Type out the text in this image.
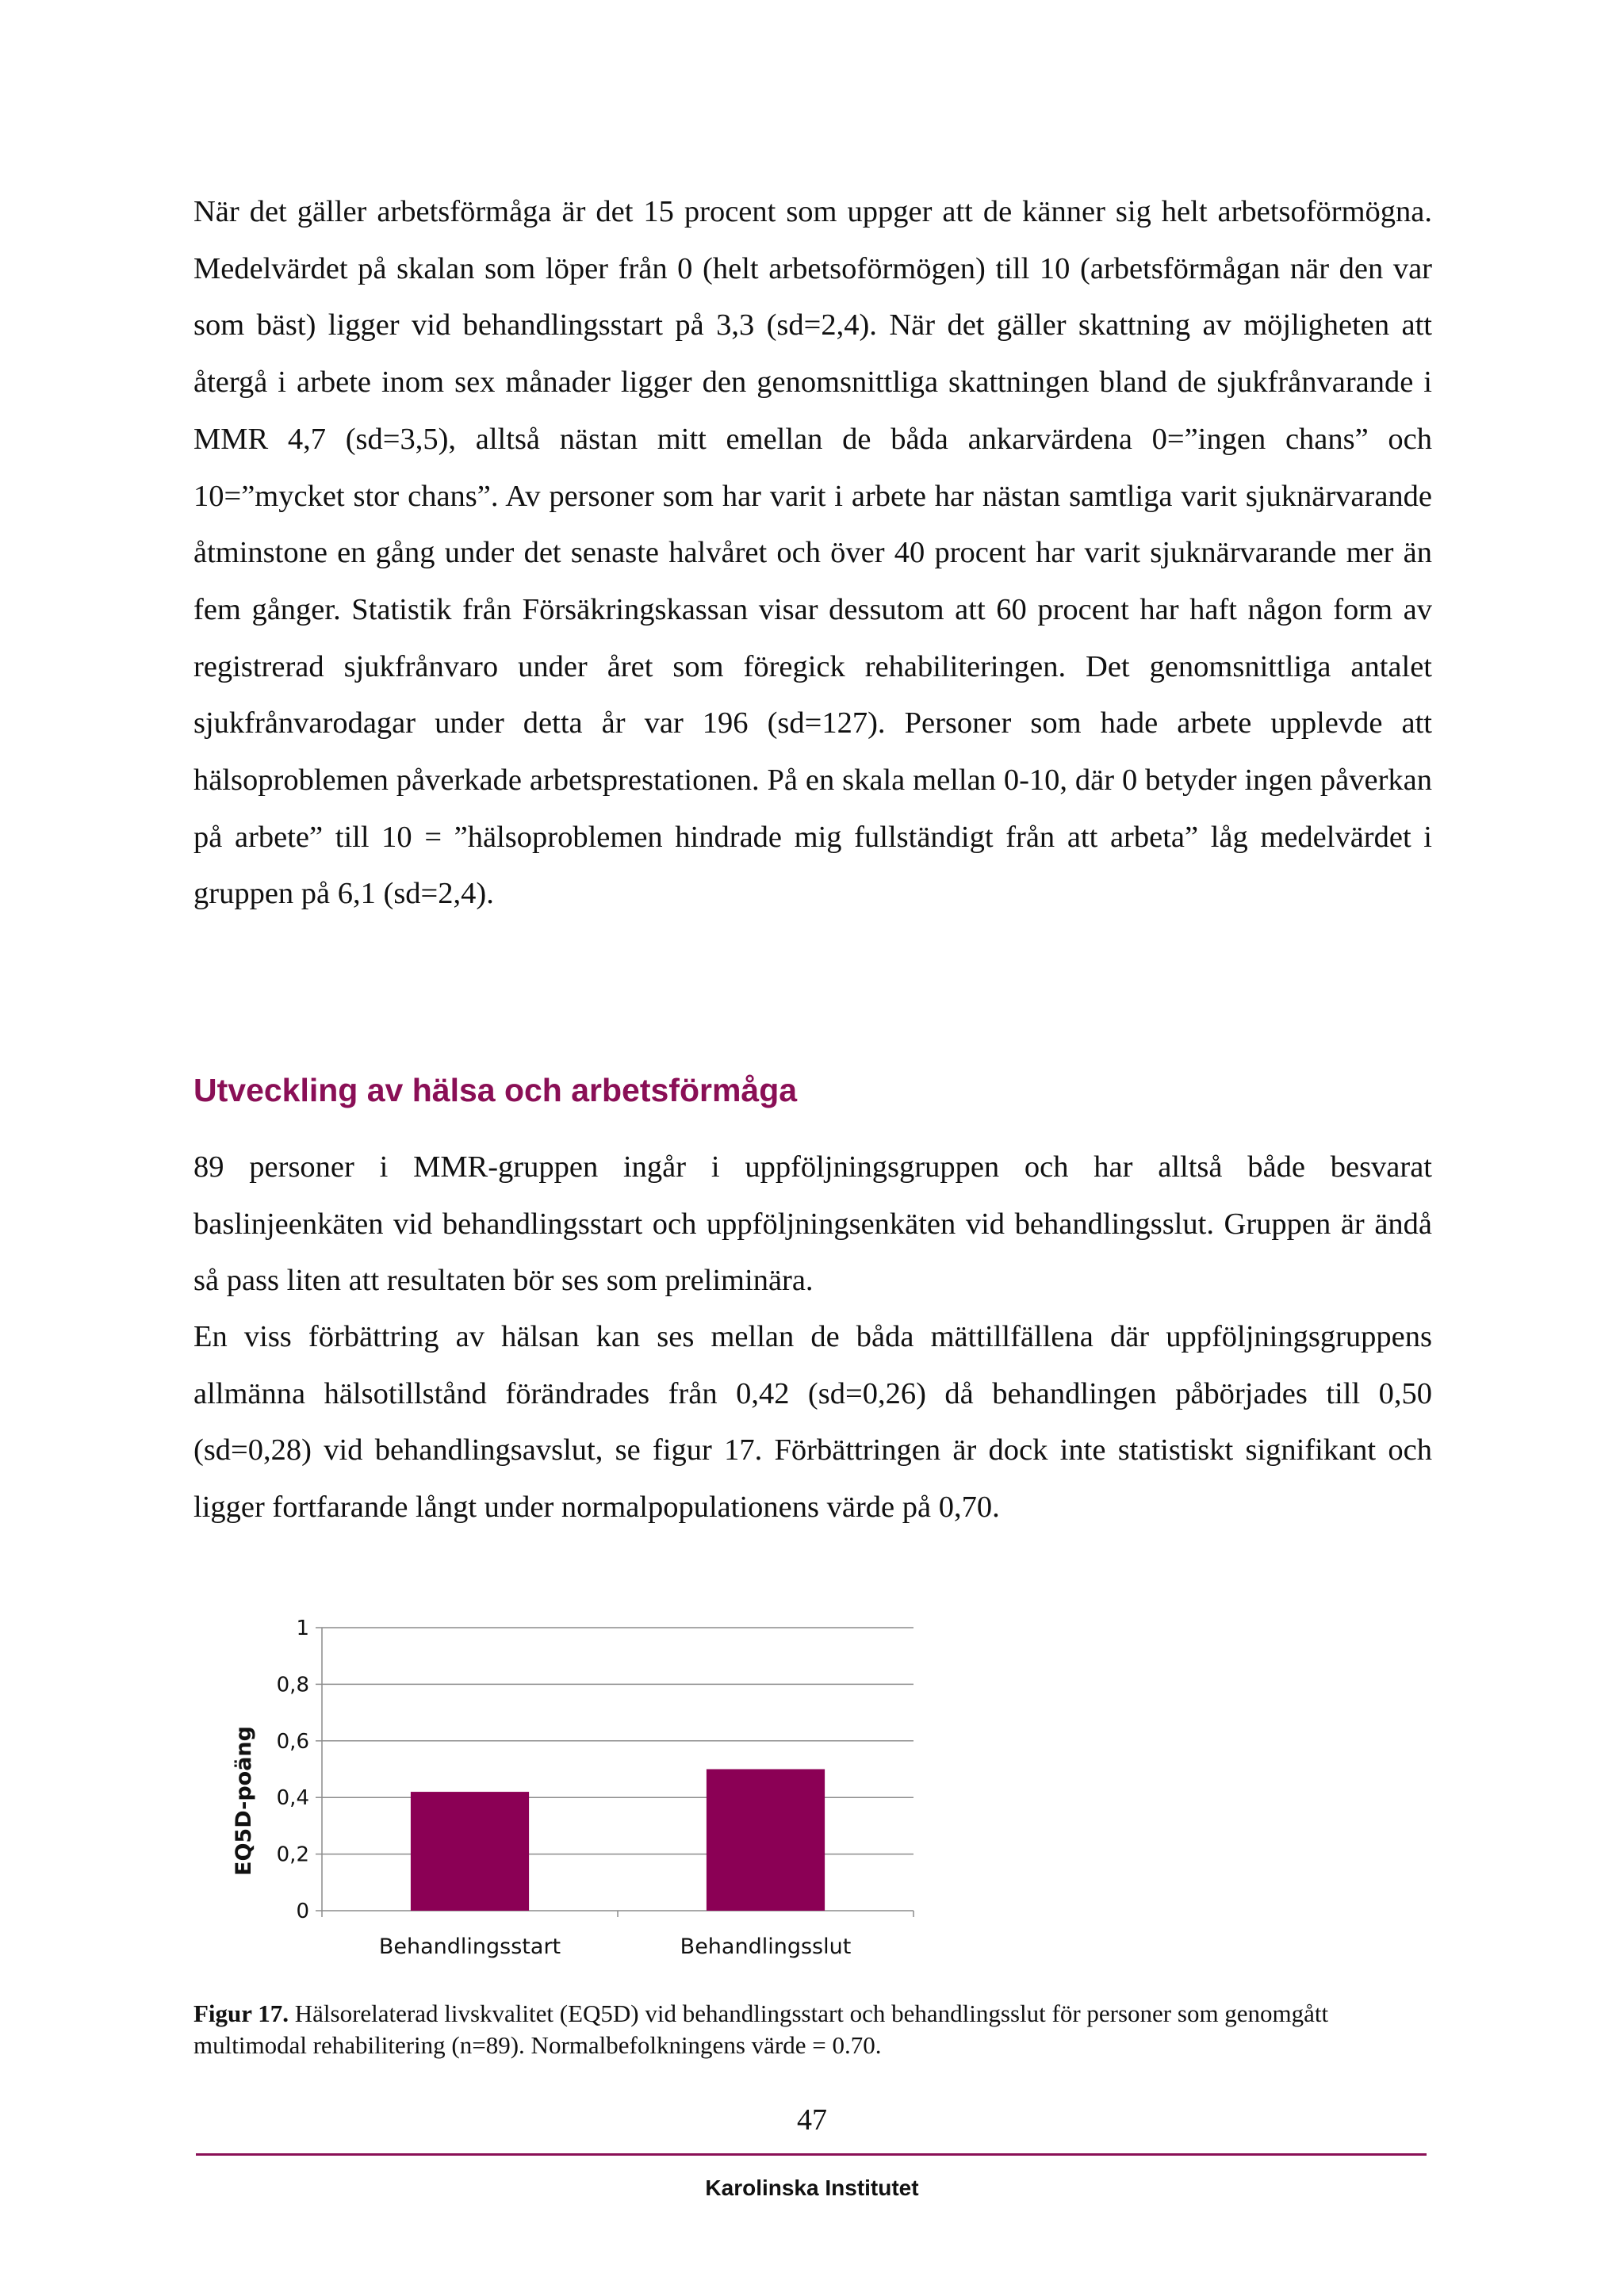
När det gäller arbetsförmåga är det 15 procent som uppger att de känner sig helt arbetsoförmögna. Medelvärdet på skalan som löper från 0 (helt arbetsoförmögen) till 10 (arbetsförmågan när den var som bäst) ligger vid behandlingsstart på 3,3 (sd=2,4). När det gäller skattning av möjligheten att återgå i arbete inom sex månader ligger den genomsnittliga skattningen bland de sjukfrånvarande i MMR 4,7 (sd=3,5), alltså nästan mitt emellan de båda ankarvärdena 0=”ingen chans” och 10=”mycket stor chans”. Av personer som har varit i arbete har nästan samtliga varit sjuknärvarande åtminstone en gång under det senaste halvåret och över 40 procent har varit sjuknärvarande mer än fem gånger. Statistik från Försäkringskassan visar dessutom att 60 procent har haft någon form av registrerad sjukfrånvaro under året som föregick rehabiliteringen. Det genomsnittliga antalet sjukfrånvarodagar under detta år var 196 (sd=127). Personer som hade arbete upplevde att hälsoproblemen påverkade arbetsprestationen. På en skala mellan 0-10, där 0 betyder ingen påverkan på arbete” till 10 = ”hälsoproblemen hindrade mig fullständigt från att arbeta” låg medelvärdet i gruppen på 6,1 (sd=2,4).

Utveckling av hälsa och arbetsförmåga

89 personer i MMR-gruppen ingår i uppföljningsgruppen och har alltså både besvarat baslinjeenkäten vid behandlingsstart och uppföljningsenkäten vid behandlingsslut. Gruppen är ändå så pass liten att resultaten bör ses som preliminära.

En viss förbättring av hälsan kan ses mellan de båda mättillfällena där uppföljningsgruppens allmänna hälsotillstånd förändrades från 0,42 (sd=0,26) då behandlingen påbörjades till 0,50 (sd=0,28) vid behandlingsavslut, se figur 17. Förbättringen är dock inte statistiskt signifikant och ligger fortfarande långt under normalpopulationens värde på 0,70.

0
0,2
0,4
0,6
0,8
1
Behandlingsstart	Behandlingsslut
EQ5D-poäng

Figur 17. Hälsorelaterad livskvalitet (EQ5D) vid behandlingsstart och behandlingsslut för personer som genomgått multimodal rehabilitering (n=89). Normalbefolkningens värde = 0.70.

47
Karolinska Institutet
